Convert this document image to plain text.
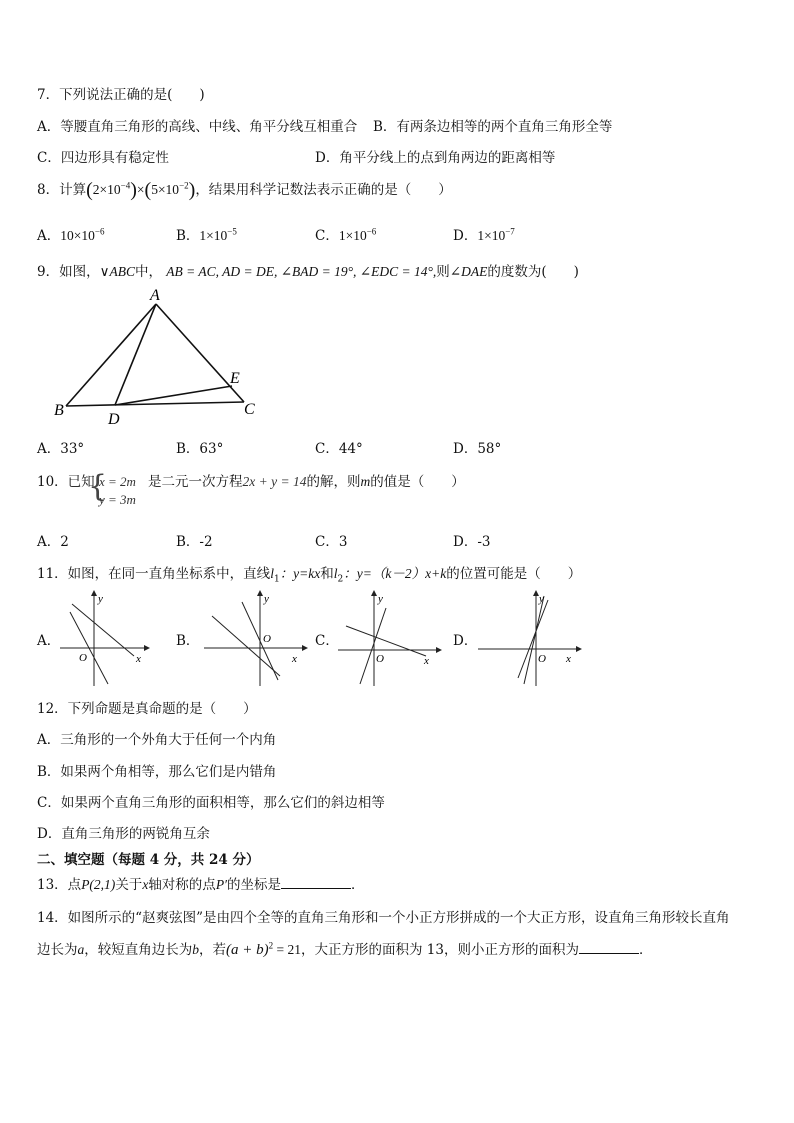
7．下列说法正确的是(　　)
A．等腰直角三角形的高线、中线、角平分线互相重合 B．有两条边相等的两个直角三角形全等
C．四边形具有稳定性	D．角平分线上的点到角两边的距离相等
8．计算$(2\times 10^{-4})\times(5\times 10^{-2})$，结果用科学记数法表示正确的是（　　）
A．$10\times 10^{-6}$	B．$1\times 10^{-5}$	C．$1\times 10^{-6}$	D．$1\times 10^{-7}$
9．如图，∨ABC中， AB = AC, AD = DE, ∠BAD = 19°, ∠EDC = 14°,则∠DAE的度数为(　　)
A
B	C
D
E
A．33°	B．63°	C．44°	D．58°
10．已知
{
x = 2m
y = 3m
是二元一次方程2x + y = 14的解，则m的值是（　　）
A．2	B．-2	C．3	D．-3
11．如图，在同一直角坐标系中，直线$l_1$：y=kx和$l_2$：y=（k－2）x+k的位置可能是（　　）
A．
y
x
O
B．
y
x
O	C．
y
x
O
D．
y
x
O
12．下列命题是真命题的是（　　）
A．三角形的一个外角大于任何一个内角
B．如果两个角相等，那么它们是内错角
C．如果两个直角三角形的面积相等，那么它们的斜边相等
D．直角三角形的两锐角互余
二、填空题（每题 4 分，共 24 分）
13．点P(2,1)关于x轴对称的点P′的坐标是	．
14．如图所示的“赵爽弦图”是由四个全等的直角三角形和一个小正方形拼成的一个大正方形，设直角三角形较长直角
边长为a，较短直角边长为b，若$(a + b)^2 = 21$，大正方形的面积为 13，则小正方形的面积为	．
